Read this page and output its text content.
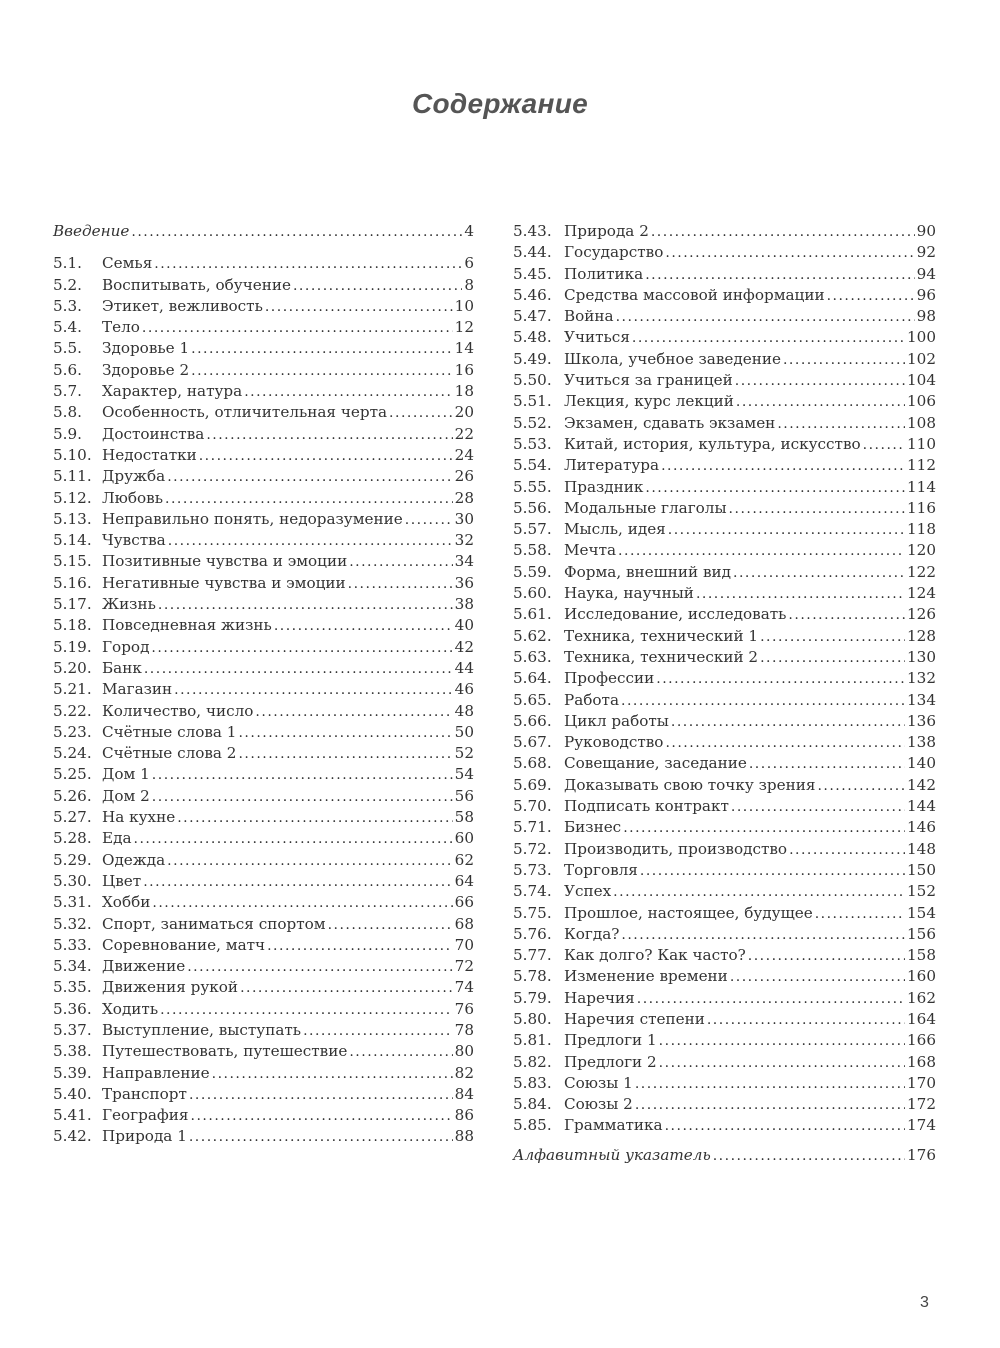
Содержание
Введение .....	4
5.1.	Семья .....	6
5.2.	Воспитывать, обучение .....	8
5.3.	Этикет, вежливость .....	10
5.4.	Тело .....	12
5.5.	Здоровье 1 .....	14
5.6.	Здоровье 2 .....	16
5.7.	Характер, натура .....	18
5.8.	Особенность, отличительная черта .....	20
5.9.	Достоинства .....	22
5.10. Недостатки .....	24
5.11. Дружба .....	26
5.12. Любовь .....	28
5.13. Неправильно понять, недоразумение .....	30
5.14. Чувства .....	32
5.15. Позитивные чувства и эмоции .....	34
5.16. Негативные чувства и эмоции .....	36
5.17. Жизнь .....	38
5.18. Повседневная жизнь .....	40
5.19. Город .....	42
5.20. Банк .....	44
5.21. Магазин .....	46
5.22. Количество, число .....	48
5.23. Счётные слова 1 .....	50
5.24. Счётные слова 2 .....	52
5.25. Дом 1 .....	54
5.26. Дом 2 .....	56
5.27. На кухне .....	58
5.28. Еда .....	60
5.29. Одежда .....	62
5.30. Цвет .....	64
5.31. Хобби .....	66
5.32. Спорт, заниматься спортом .....	68
5.33. Соревнование, матч .....	70
5.34. Движение .....	72
5.35. Движения рукой .....	74
5.36. Ходить .....	76
5.37. Выступление, выступать .....	78
5.38. Путешествовать, путешествие .....	80
5.39. Направление .....	82
5.40. Транспорт .....	84
5.41. География .....	86
5.42. Природа 1 .....	88
5.43. Природа 2 .....	90
5.44. Государство .....	92
5.45. Политика .....	94
5.46. Средства массовой информации .....	96
5.47. Война .....	98
5.48. Учиться .....	100
5.49. Школа, учебное заведение .....	102
5.50. Учиться за границей .....	104
5.51. Лекция, курс лекций .....	106
5.52. Экзамен, сдавать экзамен .....	108
5.53. Китай, история, культура, искусство .....	110
5.54. Литература .....	112
5.55. Праздник .....	114
5.56. Модальные глаголы .....	116
5.57. Мысль, идея .....	118
5.58. Мечта .....	120
5.59. Форма, внешний вид .....	122
5.60. Наука, научный .....	124
5.61. Исследование, исследовать .....	126
5.62. Техника, технический 1 .....	128
5.63. Техника, технический 2 .....	130
5.64. Профессии .....	132
5.65. Работа .....	134
5.66. Цикл работы .....	136
5.67. Руководство .....	138
5.68. Совещание, заседание .....	140
5.69. Доказывать свою точку зрения .....	142
5.70. Подписать контракт .....	144
5.71. Бизнес .....	146
5.72. Производить, производство .....	148
5.73. Торговля .....	150
5.74. Успех .....	152
5.75. Прошлое, настоящее, будущее .....	154
5.76. Когда? .....	156
5.77. Как долго? Как часто? .....	158
5.78. Изменение времени .....	160
5.79. Наречия .....	162
5.80. Наречия степени .....	164
5.81. Предлоги 1 .....	166
5.82. Предлоги 2 .....	168
5.83. Союзы 1 .....	170
5.84. Союзы 2 .....	172
5.85. Грамматика .....	174
Алфавитный указатель .....	176
3
